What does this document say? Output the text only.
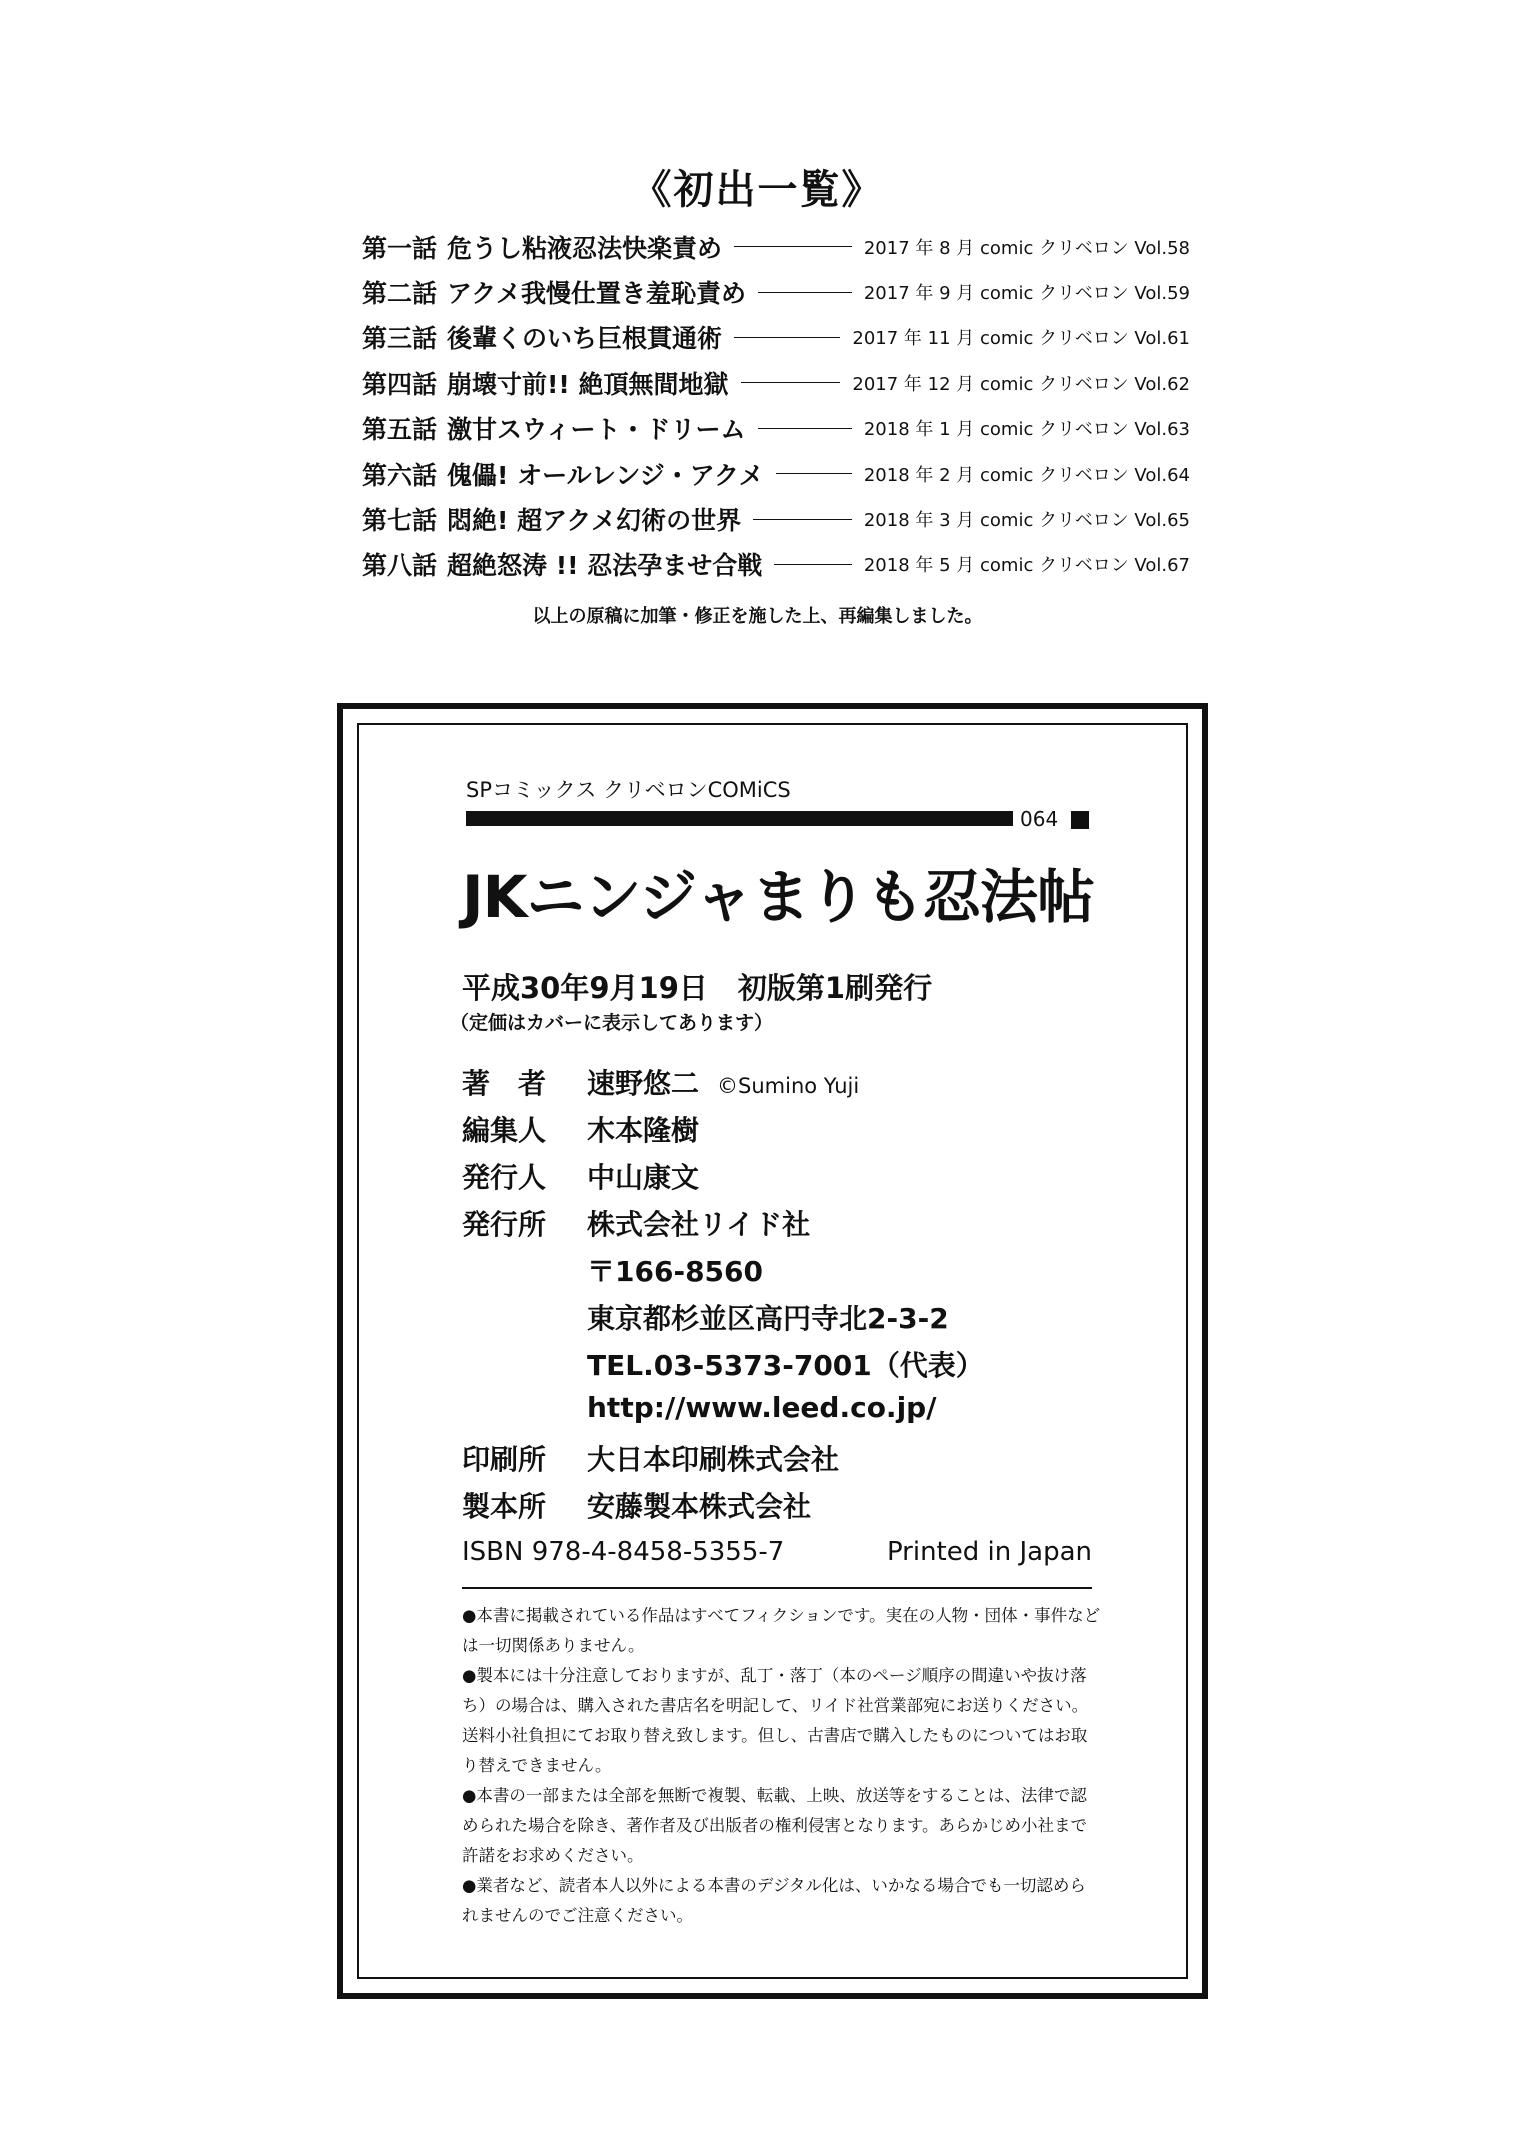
《初出一覧》
第一話 危うし粘液忍法快楽責め	2017 年 8 月 comic クリベロン Vol.58
第二話 アクメ我慢仕置き羞恥責め	2017 年 9 月 comic クリベロン Vol.59
第三話 後輩くのいち巨根貫通術	2017 年 11 月 comic クリベロン Vol.61
第四話 崩壊寸前!! 絶頂無間地獄	2017 年 12 月 comic クリベロン Vol.62
第五話 激甘スウィート・ドリーム	2018 年 1 月 comic クリベロン Vol.63
第六話 傀儡! オールレンジ・アクメ	2018 年 2 月 comic クリベロン Vol.64
第七話 悶絶! 超アクメ幻術の世界	2018 年 3 月 comic クリベロン Vol.65
第八話 超絶怒涛 !! 忍法孕ませ合戦	2018 年 5 月 comic クリベロン Vol.67
以上の原稿に加筆・修正を施した上、再編集しました。
SPコミックス クリベロンCOMiCS
064
JKニンジャまりも忍法帖
平成30年9月19日 初版第1刷発行
（定価はカバーに表示してあります）
著　者	速野悠二 ©Sumino Yuji
編集人	木本隆樹
発行人	中山康文
発行所	株式会社リイド社
〒166-8560
東京都杉並区高円寺北2-3-2
TEL.03-5373-7001（代表）
http://www.leed.co.jp/
印刷所	大日本印刷株式会社
製本所	安藤製本株式会社
ISBN 978-4-8458-5355-7	Printed in Japan

●本書に掲載されている作品はすべてフィクションです。実在の人物・団体・事件などは一切関係ありません。

●製本には十分注意しておりますが、乱丁・落丁（本のページ順序の間違いや抜け落ち）の場合は、購入された書店名を明記して、リイド社営業部宛にお送りください。送料小社負担にてお取り替え致します。但し、古書店で購入したものについてはお取り替えできません。

●本書の一部または全部を無断で複製、転載、上映、放送等をすることは、法律で認められた場合を除き、著作者及び出版者の権利侵害となります。あらかじめ小社まで許諾をお求めください。

●業者など、読者本人以外による本書のデジタル化は、いかなる場合でも一切認められませんのでご注意ください。
